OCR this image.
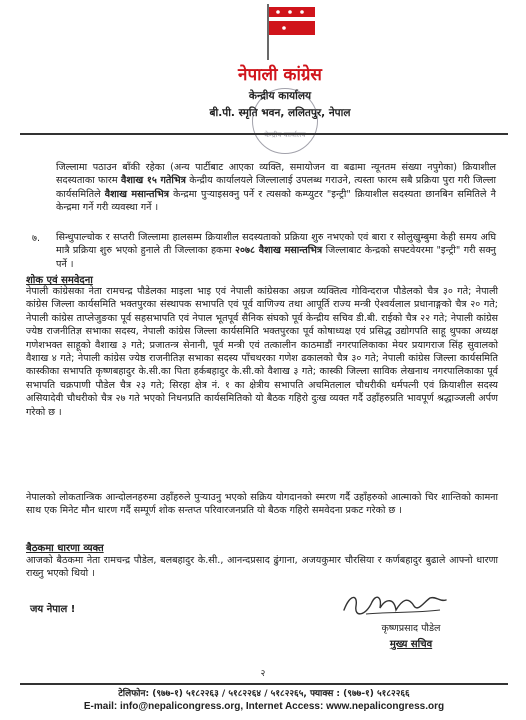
नेपाली कांग्रेस
केन्द्रीय कार्यालय
बी.पी. स्मृति भवन, ललितपुर, नेपाल
केन्द्रीय कार्यालय

जिल्लामा पठाउन बाँकी रहेका (अन्य पार्टीबाट आएका व्यक्ति, समायोजन वा बढामा न्यूनतम संख्या नपुगेका) क्रियाशील सदस्यताका फारम वैशाख १५ गतेभित्र केन्द्रीय कार्यालयले जिल्लालाई उपलब्ध गराउने, त्यस्ता फारम सबै प्रक्रिया पुरा गरी जिल्ला कार्यसमितिले वैशाख मसान्तभित्र केन्द्रमा पुऱ्याइसक्नु पर्ने र त्यसको कम्प्युटर "इन्ट्री" क्रियाशील सदस्यता छानबिन समितिले नै केन्द्रमा गर्ने गरी व्यवस्था गर्ने ।

७. सिन्धुपाल्चोक र सप्तरी जिल्लामा हालसम्म क्रियाशील सदस्यताको प्रक्रिया शुरु नभएको एवं बारा र सोलुखुम्बुमा केही समय अघि मात्रै प्रक्रिया शुरु भएको हुनाले ती जिल्लाका हकमा २०७८ वैशाख मसान्तभित्र जिल्लाबाट केन्द्रको सफ्टवेयरमा "इन्ट्री" गरी सक्नु पर्ने ।

शोक एवं समवेदना

नेपाली कांग्रेसका नेता रामचन्द्र पौडेलका माइला भाइ एवं नेपाली कांग्रेसका अग्रज व्यक्तित्व गोविन्दराज पौडेलको चैत्र ३० गते; नेपाली कांग्रेस जिल्ला कार्यसमिति भक्तपुरका संस्थापक सभापति एवं पूर्व वाणिज्य तथा आपूर्ति राज्य मन्त्री ऐश्वर्यलाल प्रधानाङ्गको चैत्र २० गते; नेपाली कांग्रेस ताप्लेजुङका पूर्व सहसभापति एवं नेपाल भूतपूर्व सैनिक संघको पूर्व केन्द्रीय सचिव डी.बी. राईको चैत्र २२ गते; नेपाली कांग्रेस ज्येष्ठ राजनीतिज्ञ सभाका सदस्य, नेपाली कांग्रेस जिल्ला कार्यसमिति भक्तपुरका पूर्व कोषाध्यक्ष एवं प्रसिद्ध उद्योगपति साहू थुपका अध्यक्ष गणेशभक्त साहूको वैशाख ३ गते; प्रजातन्त्र सेनानी, पूर्व मन्त्री एवं तत्कालीन काठमाडौं नगरपालिकाका मेयर प्रयागराज सिंह सुवालको वैशाख ४ गते; नेपाली कांग्रेस ज्येष्ठ राजनीतिज्ञ सभाका सदस्य पाँचथरका गणेश ढकालको चैत्र ३० गते; नेपाली कांग्रेस जिल्ला कार्यसमिति कास्कीका सभापति कृष्णबहादुर के.सी.का पिता हर्कबहादुर के.सी.को वैशाख ३ गते; कास्की जिल्ला साविक लेखनाथ नगरपालिकाका पूर्व सभापति चक्रपाणी पौडेल चैत्र २३ गते; सिरहा क्षेत्र नं. १ का क्षेत्रीय सभापति अचमितलाल चौधरीकी धर्मपत्नी एवं क्रियाशील सदस्य असियादेवी चौधरीको चैत्र २७ गते भएको निधनप्रति कार्यसमितिको यो बैठक गहिरो दुःख व्यक्त गर्दै उहाँहरुप्रति भावपूर्ण श्रद्धाञ्जली अर्पण गरेको छ ।

नेपालको लोकतान्त्रिक आन्दोलनहरुमा उहाँहरुले पुऱ्याउनु भएको सक्रिय योगदानको स्मरण गर्दै उहाँहरुको आत्माको चिर शान्तिको कामना साथ एक मिनेट मौन धारण गर्दै सम्पूर्ण शोक सन्तप्त परिवारजनप्रति यो बैठक गहिरो समवेदना प्रकट गरेको छ ।

बैठकमा धारणा व्यक्त

आजको बैठकमा नेता रामचन्द्र पौडेल, बलबहादुर के.सी., आनन्दप्रसाद ढुंगाना, अजयकुमार चौरसिया र कर्णबहादुर बुढाले आफ्नो धारणा राख्नु भएको थियो ।

जय नेपाल !
कृष्णप्रसाद पौडेल
मुख्य सचिव
२
टेलिफोन: (९७७-१) ५१८२२६३ / ५१८२२६४ / ५१८२२६५, फ्याक्स : (९७७-१) ५१८२२६६
E-mail: info@nepalicongress.org, Internet Access: www.nepalicongress.org
